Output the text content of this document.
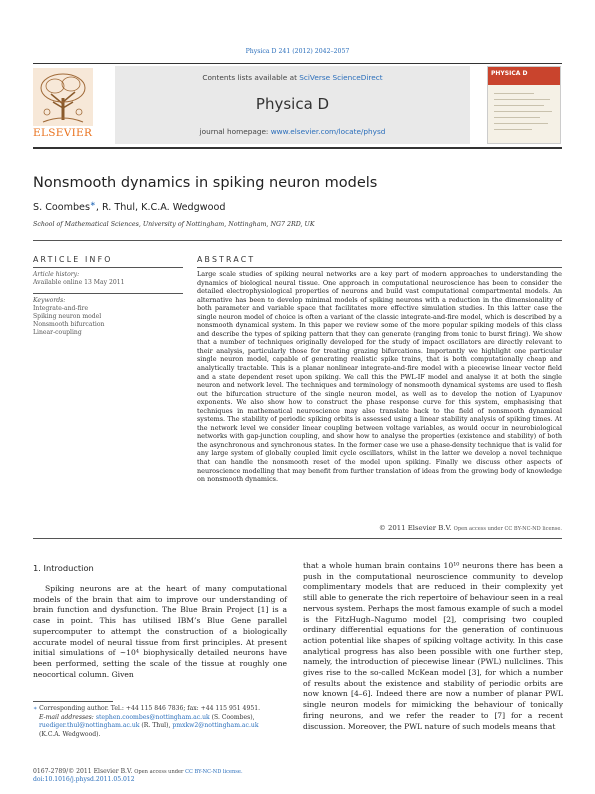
Physica D 241 (2012) 2042–2057
ELSEVIER
Contents lists available at SciVerse ScienceDirect
Physica D
journal homepage: www.elsevier.com/locate/physd
PHYSICA D
Nonsmooth dynamics in spiking neuron models
S. Coombes∗, R. Thul, K.C.A. Wedgwood
School of Mathematical Sciences, University of Nottingham, Nottingham, NG7 2RD, UK
ARTICLE INFO
Article history:
Available online 13 May 2011
Keywords:
Integrate-and-fire
Spiking neuron model
Nonsmooth bifurcation
Linear-coupling
ABSTRACT
Large scale studies of spiking neural networks are a key part of modern approaches to understanding the dynamics of biological neural tissue. One approach in computational neuroscience has been to consider the detailed electrophysiological properties of neurons and build vast computational compartmental models. An alternative has been to develop minimal models of spiking neurons with a reduction in the dimensionality of both parameter and variable space that facilitates more effective simulation studies. In this latter case the single neuron model of choice is often a variant of the classic integrate-and-fire model, which is described by a nonsmooth dynamical system. In this paper we review some of the more popular spiking models of this class and describe the types of spiking pattern that they can generate (ranging from tonic to burst firing). We show that a number of techniques originally developed for the study of impact oscillators are directly relevant to their analysis, particularly those for treating grazing bifurcations. Importantly we highlight one particular single neuron model, capable of generating realistic spike trains, that is both computationally cheap and analytically tractable. This is a planar nonlinear integrate-and-fire model with a piecewise linear vector field and a state dependent reset upon spiking. We call this the PWL-IF model and analyse it at both the single neuron and network level. The techniques and terminology of nonsmooth dynamical systems are used to flesh out the bifurcation structure of the single neuron model, as well as to develop the notion of Lyapunov exponents. We also show how to construct the phase response curve for this system, emphasising that techniques in mathematical neuroscience may also translate back to the field of nonsmooth dynamical systems. The stability of periodic spiking orbits is assessed using a linear stability analysis of spiking times. At the network level we consider linear coupling between voltage variables, as would occur in neurobiological networks with gap-junction coupling, and show how to analyse the properties (existence and stability) of both the asynchronous and synchronous states. In the former case we use a phase-density technique that is valid for any large system of globally coupled limit cycle oscillators, whilst in the latter we develop a novel technique that can handle the nonsmooth reset of the model upon spiking. Finally we discuss other aspects of neuroscience modelling that may benefit from further translation of ideas from the growing body of knowledge on nonsmooth dynamics.
© 2011 Elsevier B.V. Open access under CC BY-NC-ND license.
1. Introduction

Spiking neurons are at the heart of many computational models of the brain that aim to improve our understanding of brain function and dysfunction. The Blue Brain Project [1] is a case in point. This has utilised IBM’s Blue Gene parallel supercomputer to attempt the construction of a biologically accurate model of neural tissue from first principles. At present initial simulations of ~10⁴ biophysically detailed neurons have been performed, setting the scale of the tissue at roughly one neocortical column. Given

that a whole human brain contains 10¹⁰ neurons there has been a push in the computational neuroscience community to develop complimentary models that are reduced in their complexity yet still able to generate the rich repertoire of behaviour seen in a real nervous system. Perhaps the most famous example of such a model is the FitzHugh–Nagumo model [2], comprising two coupled ordinary differential equations for the generation of continuous action potential like shapes of spiking voltage activity. In this case analytical progress has also been possible with one further step, namely, the introduction of piecewise linear (PWL) nullclines. This gives rise to the so-called McKean model [3], for which a number of results about the existence and stability of periodic orbits are now known [4–6]. Indeed there are now a number of planar PWL single neuron models for mimicking the behaviour of tonically firing neurons, and we refer the reader to [7] for a recent discussion. Moreover, the PWL nature of such models means that

∗ Corresponding author. Tel.: +44 115 846 7836; fax: +44 115 951 4951.
E-mail addresses: stephen.coombes@nottingham.ac.uk (S. Coombes),
ruediger.thul@nottingham.ac.uk (R. Thul), pmxkw2@nottingham.ac.uk
(K.C.A. Wedgwood).
0167-2789/© 2011 Elsevier B.V. Open access under CC BY-NC-ND license.
doi:10.1016/j.physd.2011.05.012
